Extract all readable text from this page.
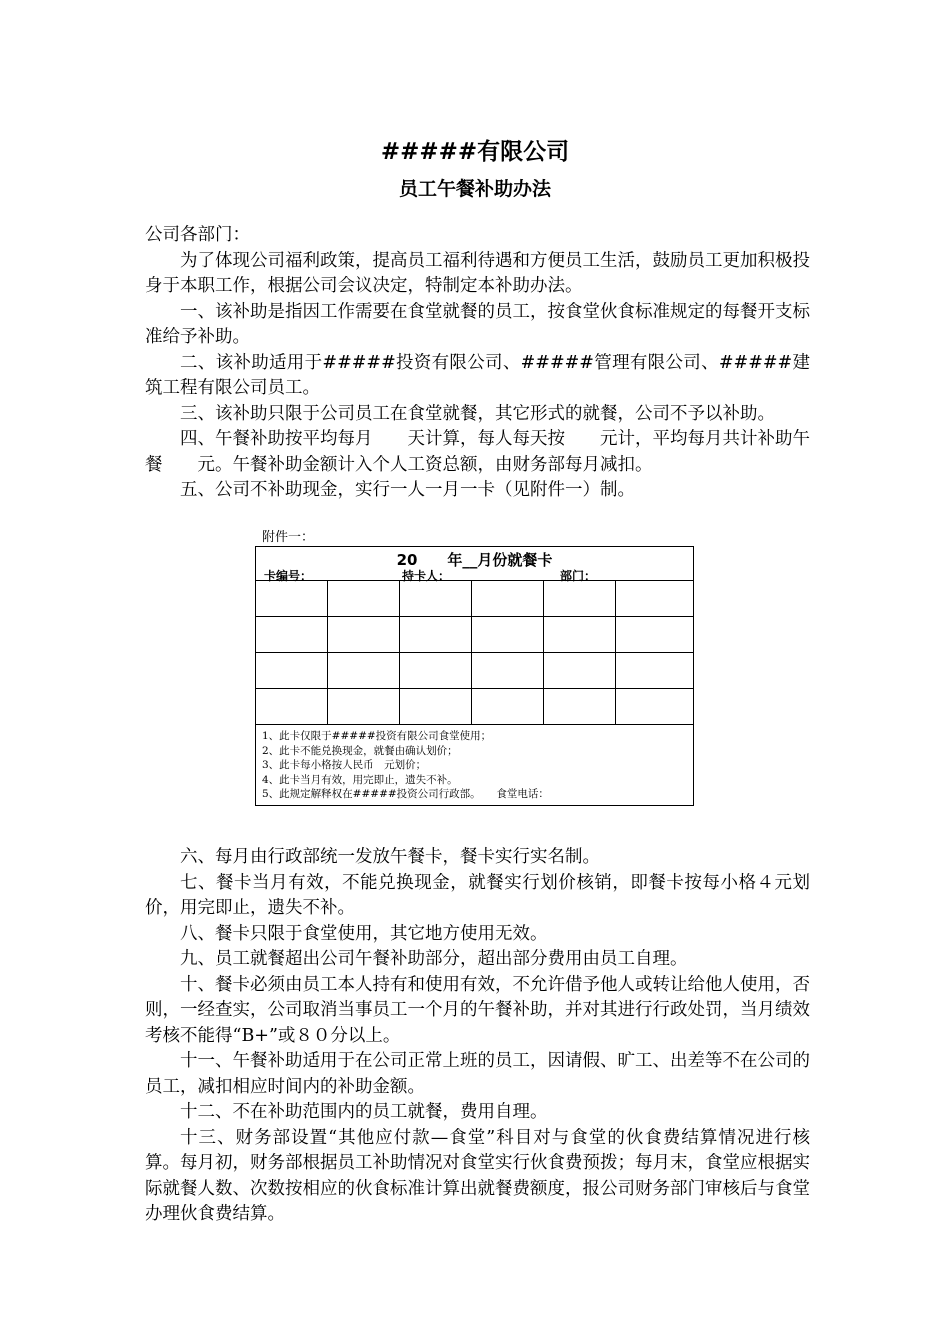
#####有限公司
员工午餐补助办法

公司各部门：

为了体现公司福利政策，提高员工福利待遇和方便员工生活，鼓励员工更加积极投身于本职工作，根据公司会议决定，特制定本补助办法。

一、该补助是指因工作需要在食堂就餐的员工，按食堂伙食标准规定的每餐开支标准给予补助。

二、该补助适用于#####投资有限公司、#####管理有限公司、#####建筑工程有限公司员工。

三、该补助只限于公司员工在食堂就餐，其它形式的就餐，公司不予以补助。

四、午餐补助按平均每月　　天计算，每人每天按　　元计，平均每月共计补助午餐　　元。午餐补助金额计入个人工资总额，由财务部每月减扣。

五、公司不补助现金，实行一人一月一卡（见附件一）制。

附件一：
20　　年__月份就餐卡
卡编号：	持卡人：	部门：

1、此卡仅限于#####投资有限公司食堂使用；
2、此卡不能兑换现金，就餐由确认划价；
3、此卡每小格按人民币　元划价；
4、此卡当月有效，用完即止，遗失不补。
5、此规定解释权在#####投资公司行政部。　　食堂电话：

六、每月由行政部统一发放午餐卡，餐卡实行实名制。

七、餐卡当月有效，不能兑换现金，就餐实行划价核销，即餐卡按每小格４元划价，用完即止，遗失不补。

八、餐卡只限于食堂使用，其它地方使用无效。

九、员工就餐超出公司午餐补助部分，超出部分费用由员工自理。

十、餐卡必须由员工本人持有和使用有效，不允许借予他人或转让给他人使用，否则，一经查实，公司取消当事员工一个月的午餐补助，并对其进行行政处罚，当月绩效考核不能得“B+”或８０分以上。

十一、午餐补助适用于在公司正常上班的员工，因请假、旷工、出差等不在公司的员工，减扣相应时间内的补助金额。

十二、不在补助范围内的员工就餐，费用自理。

十三、财务部设置“其他应付款—食堂”科目对与食堂的伙食费结算情况进行核算。每月初，财务部根据员工补助情况对食堂实行伙食费预拨；每月末，食堂应根据实际就餐人数、次数按相应的伙食标准计算出就餐费额度，报公司财务部门审核后与食堂办理伙食费结算。
